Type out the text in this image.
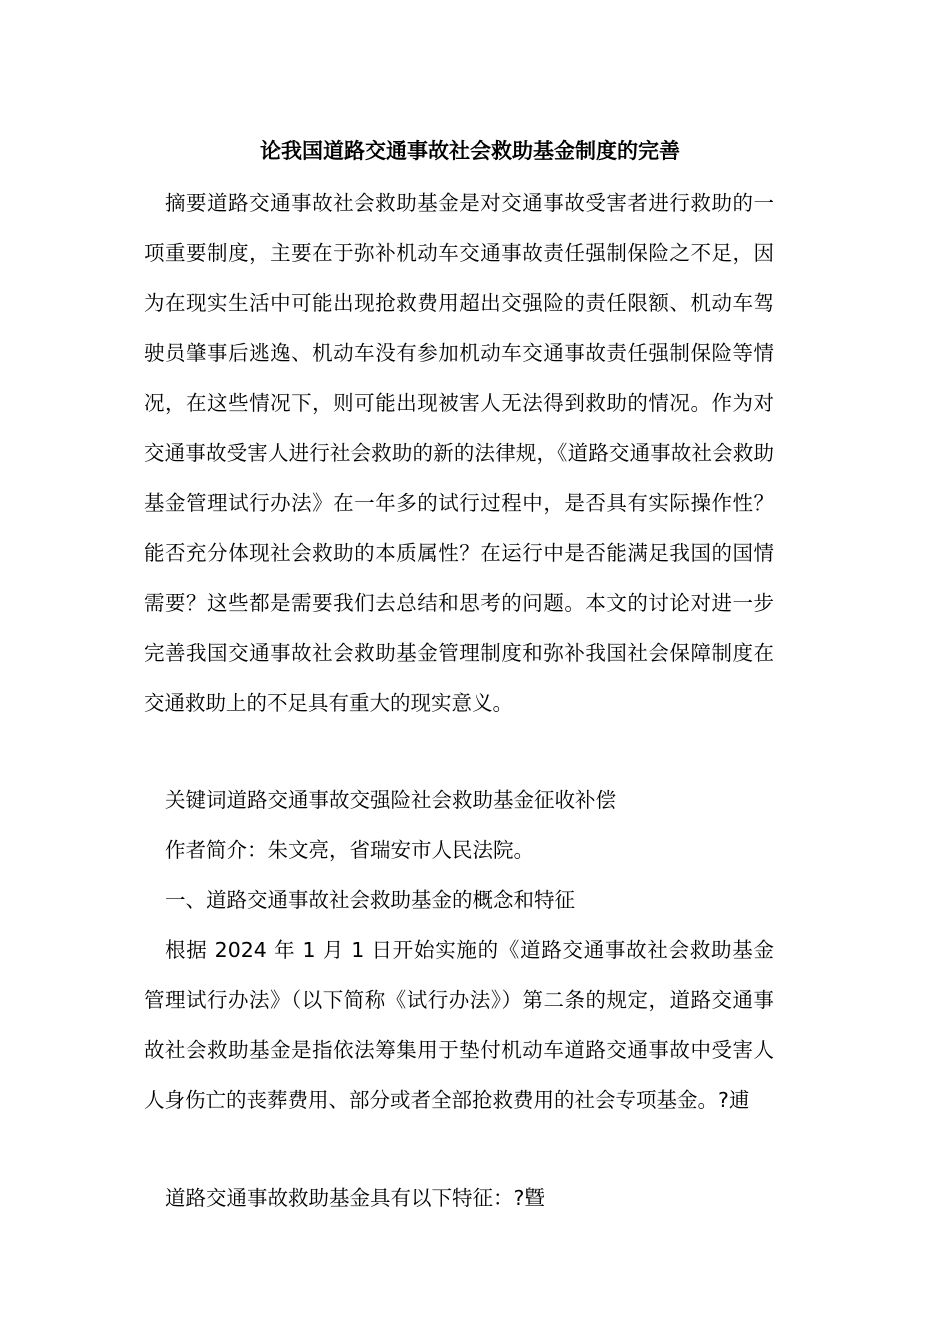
论我国道路交通事故社会救助基金制度的完善

摘要道路交通事故社会救助基金是对交通事故受害者进行救助的一项重要制度，主要在于弥补机动车交通事故责任强制保险之不足，因为在现实生活中可能出现抢救费用超出交强险的责任限额、机动车驾驶员肇事后逃逸、机动车没有参加机动车交通事故责任强制保险等情况，在这些情况下，则可能出现被害人无法得到救助的情况。作为对交通事故受害人进行社会救助的新的法律规，《道路交通事故社会救助基金管理试行办法》在一年多的试行过程中，是否具有实际操作性？能否充分体现社会救助的本质属性？在运行中是否能满足我国的国情需要？这些都是需要我们去总结和思考的问题。本文的讨论对进一步完善我国交通事故社会救助基金管理制度和弥补我国社会保障制度在交通救助上的不足具有重大的现实意义。

关键词道路交通事故交强险社会救助基金征收补偿

作者简介：朱文亮，省瑞安市人民法院。

一、道路交通事故社会救助基金的概念和特征

根据 2024 年 1 月 1 日开始实施的《道路交通事故社会救助基金管理试行办法》（以下简称《试行办法》）第二条的规定，道路交通事故社会救助基金是指依法筹集用于垫付机动车道路交通事故中受害人人身伤亡的丧葬费用、部分或者全部抢救费用的社会专项基金。?逋

道路交通事故救助基金具有以下特征：?曁
